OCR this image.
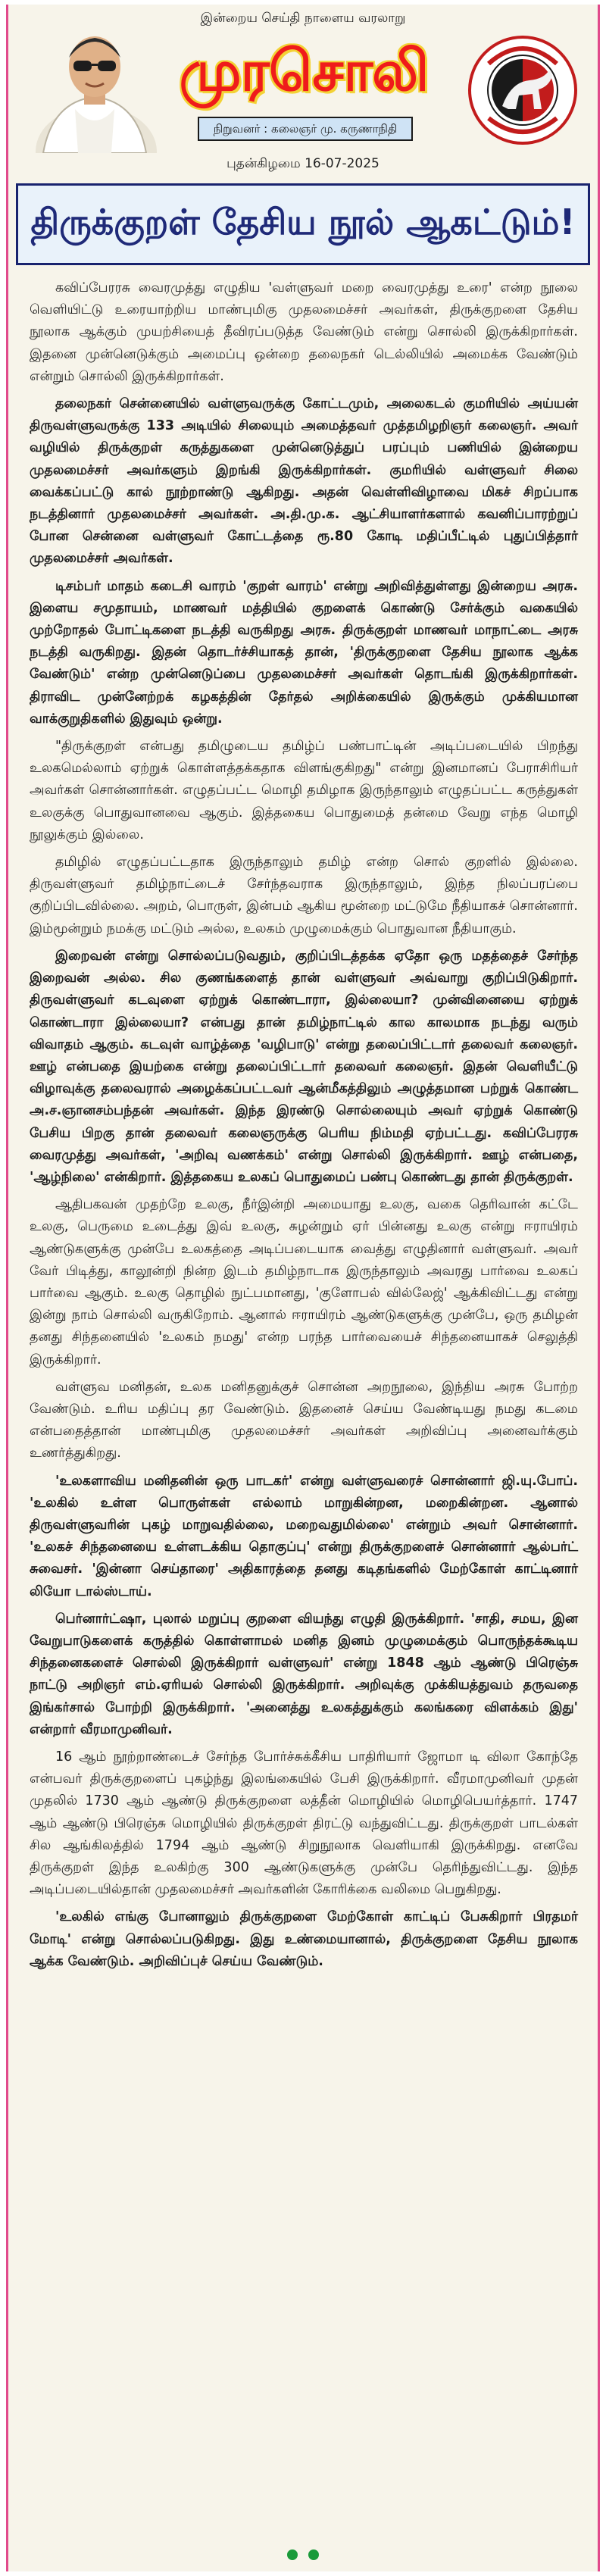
இன்றைய செய்தி நாளைய வரலாறு
முரசொலி
நிறுவனர் : கலைஞர் மு. கருணாநிதி
புதன்கிழமை 16-07-2025
திருக்குறள் தேசிய நூல் ஆகட்டும்!

கவிப்பேரரசு வைரமுத்து எழுதிய 'வள்ளுவர் மறை வைரமுத்து உரை' என்ற நூலை வெளியிட்டு உரையாற்றிய மாண்புமிகு முதலமைச்சர் அவர்கள், திருக்குறளை தேசிய நூலாக ஆக்கும் முயற்சியைத் தீவிரப்படுத்த வேண்டும் என்று சொல்லி இருக்கிறார்கள். இதனை முன்னெடுக்கும் அமைப்பு ஒன்றை தலைநகர் டெல்லியில் அமைக்க வேண்டும் என்றும் சொல்லி இருக்கிறார்கள்.

தலைநகர் சென்னையில் வள்ளுவருக்கு கோட்டமும், அலைகடல் குமரியில் அய்யன் திருவள்ளுவருக்கு 133 அடியில் சிலையும் அமைத்தவர் முத்தமிழறிஞர் கலைஞர். அவர் வழியில் திருக்குறள் கருத்துகளை முன்னெடுத்துப் பரப்பும் பணியில் இன்றைய முதலமைச்சர் அவர்களும் இறங்கி இருக்கிறார்கள். குமரியில் வள்ளுவர் சிலை வைக்கப்பட்டு கால் நூற்றாண்டு ஆகிறது. அதன் வெள்ளிவிழாவை மிகச் சிறப்பாக நடத்தினார் முதலமைச்சர் அவர்கள். அ.தி.மு.க. ஆட்சியாளர்களால் கவனிப்பாரற்றுப் போன சென்னை வள்ளுவர் கோட்டத்தை ரூ.80 கோடி மதிப்பீட்டில் புதுப்பித்தார் முதலமைச்சர் அவர்கள்.

டிசம்பர் மாதம் கடைசி வாரம் 'குறள் வாரம்' என்று அறிவித்துள்ளது இன்றைய அரசு. இளைய சமுதாயம், மாணவர் மத்தியில் குறளைக் கொண்டு சேர்க்கும் வகையில் முற்றோதல் போட்டிகளை நடத்தி வருகிறது அரசு. திருக்குறள் மாணவர் மாநாட்டை அரசு நடத்தி வருகிறது. இதன் தொடர்ச்சியாகத் தான், 'திருக்குறளை தேசிய நூலாக ஆக்க வேண்டும்' என்ற முன்னெடுப்பை முதலமைச்சர் அவர்கள் தொடங்கி இருக்கிறார்கள். திராவிட முன்னேற்றக் கழகத்தின் தேர்தல் அறிக்கையில் இருக்கும் முக்கியமான வாக்குறுதிகளில் இதுவும் ஒன்று.

"திருக்குறள் என்பது தமிழுடைய தமிழ்ப் பண்பாட்டின் அடிப்படையில் பிறந்து உலகமெல்லாம் ஏற்றுக் கொள்ளத்தக்கதாக விளங்குகிறது" என்று இனமானப் பேராசிரியர் அவர்கள் சொன்னார்கள். எழுதப்பட்ட மொழி தமிழாக இருந்தாலும் எழுதப்பட்ட கருத்துகள் உலகுக்கு பொதுவானவை ஆகும். இத்தகைய பொதுமைத் தன்மை வேறு எந்த மொழி நூலுக்கும் இல்லை.

தமிழில் எழுதப்பட்டதாக இருந்தாலும் தமிழ் என்ற சொல் குறளில் இல்லை. திருவள்ளுவர் தமிழ்நாட்டைச் சேர்ந்தவராக இருந்தாலும், இந்த நிலப்பரப்பை குறிப்பிடவில்லை. அறம், பொருள், இன்பம் ஆகிய மூன்றை மட்டுமே நீதியாகச் சொன்னார். இம்மூன்றும் நமக்கு மட்டும் அல்ல, உலகம் முழுமைக்கும் பொதுவான நீதியாகும்.

இறைவன் என்று சொல்லப்படுவதும், குறிப்பிடத்தக்க ஏதோ ஒரு மதத்தைச் சேர்ந்த இறைவன் அல்ல. சில குணங்களைத் தான் வள்ளுவர் அவ்வாறு குறிப்பிடுகிறார். திருவள்ளுவர் கடவுளை ஏற்றுக் கொண்டாரா, இல்லையா? முன்வினையை ஏற்றுக் கொண்டாரா இல்லையா? என்பது தான் தமிழ்நாட்டில் கால காலமாக நடந்து வரும் விவாதம் ஆகும். கடவுள் வாழ்த்தை 'வழிபாடு' என்று தலைப்பிட்டார் தலைவர் கலைஞர். ஊழ் என்பதை இயற்கை என்று தலைப்பிட்டார் தலைவர் கலைஞர். இதன் வெளியீட்டு விழாவுக்கு தலைவரால் அழைக்கப்பட்டவர் ஆன்மீகத்திலும் அழுத்தமான பற்றுக் கொண்ட அ.ச.ஞானசம்பந்தன் அவர்கள். இந்த இரண்டு சொல்லையும் அவர் ஏற்றுக் கொண்டு பேசிய பிறகு தான் தலைவர் கலைஞருக்கு பெரிய நிம்மதி ஏற்பட்டது. கவிப்பேரரசு வைரமுத்து அவர்கள், 'அறிவு வணக்கம்' என்று சொல்லி இருக்கிறார். ஊழ் என்பதை, 'ஆழ்நிலை' என்கிறார். இத்தகைய உலகப் பொதுமைப் பண்பு கொண்டது தான் திருக்குறள்.

ஆதிபகவன் முதற்றே உலகு, நீர்இன்றி அமையாது உலகு, வகை தெரிவான் கட்டே உலகு, பெருமை உடைத்து இவ் உலகு, சுழன்றும் ஏர் பின்னது உலகு என்று ஈராயிரம் ஆண்டுகளுக்கு முன்பே உலகத்தை அடிப்படையாக வைத்து எழுதினார் வள்ளுவர். அவர் வேர் பிடித்து, காலூன்றி நின்ற இடம் தமிழ்நாடாக இருந்தாலும் அவரது பார்வை உலகப் பார்வை ஆகும். உலகு தொழில் நுட்பமானது, 'குளோபல் வில்லேஜ்' ஆக்கிவிட்டது என்று இன்று நாம் சொல்லி வருகிறோம். ஆனால் ஈராயிரம் ஆண்டுகளுக்கு முன்பே, ஒரு தமிழன் தனது சிந்தனையில் 'உலகம் நமது' என்ற பரந்த பார்வையைச் சிந்தனையாகச் செலுத்தி இருக்கிறார்.

வள்ளுவ மனிதன், உலக மனிதனுக்குச் சொன்ன அறநூலை, இந்திய அரசு போற்ற வேண்டும். உரிய மதிப்பு தர வேண்டும். இதனைச் செய்ய வேண்டியது நமது கடமை என்பதைத்தான் மாண்புமிகு முதலமைச்சர் அவர்கள் அறிவிப்பு அனைவர்க்கும் உணர்த்துகிறது.

'உலகளாவிய மனிதனின் ஒரு பாடகர்' என்று வள்ளுவரைச் சொன்னார் ஜி.யு.போப். 'உலகில் உள்ள பொருள்கள் எல்லாம் மாறுகின்றன, மறைகின்றன. ஆனால் திருவள்ளுவரின் புகழ் மாறுவதில்லை, மறைவதுமில்லை' என்றும் அவர் சொன்னார். 'உலகச் சிந்தனையை உள்ளடக்கிய தொகுப்பு' என்று திருக்குறளைச் சொன்னார் ஆல்பர்ட் சுவைசர். 'இன்னா செய்தாரை' அதிகாரத்தை தனது கடிதங்களில் மேற்கோள் காட்டினார் லியோ டால்ஸ்டாய்.

பெர்னார்ட்ஷா, புலால் மறுப்பு குறளை வியந்து எழுதி இருக்கிறார். 'சாதி, சமய, இன வேறுபாடுகளைக் கருத்தில் கொள்ளாமல் மனித இனம் முழுமைக்கும் பொருந்தக்கூடிய சிந்தனைகளைச் சொல்லி இருக்கிறார் வள்ளுவர்' என்று 1848 ஆம் ஆண்டு பிரெஞ்சு நாட்டு அறிஞர் எம்.ஏரியல் சொல்லி இருக்கிறார். அறிவுக்கு முக்கியத்துவம் தருவதை இங்கர்சால் போற்றி இருக்கிறார். 'அனைத்து உலகத்துக்கும் கலங்கரை விளக்கம் இது' என்றார் வீரமாமுனிவர்.

16 ஆம் நூற்றாண்டைச் சேர்ந்த போர்ச்சுக்கீசிய பாதிரியார் ஜோமா டி விலா கோந்தே என்பவர் திருக்குறளைப் புகழ்ந்து இலங்கையில் பேசி இருக்கிறார். வீரமாமுனிவர் முதன் முதலில் 1730 ஆம் ஆண்டு திருக்குறளை லத்தீன் மொழியில் மொழிபெயர்த்தார். 1747 ஆம் ஆண்டு பிரெஞ்சு மொழியில் திருக்குறள் திரட்டு வந்துவிட்டது. திருக்குறள் பாடல்கள் சில ஆங்கிலத்தில் 1794 ஆம் ஆண்டு சிறுநூலாக வெளியாகி இருக்கிறது. எனவே திருக்குறள் இந்த உலகிற்கு 300 ஆண்டுகளுக்கு முன்பே தெரிந்துவிட்டது. இந்த அடிப்படையில்தான் முதலமைச்சர் அவர்களின் கோரிக்கை வலிமை பெறுகிறது.

'உலகில் எங்கு போனாலும் திருக்குறளை மேற்கோள் காட்டிப் பேசுகிறார் பிரதமர் மோடி' என்று சொல்லப்படுகிறது. இது உண்மையானால், திருக்குறளை தேசிய நூலாக ஆக்க வேண்டும். அறிவிப்புச் செய்ய வேண்டும்.
